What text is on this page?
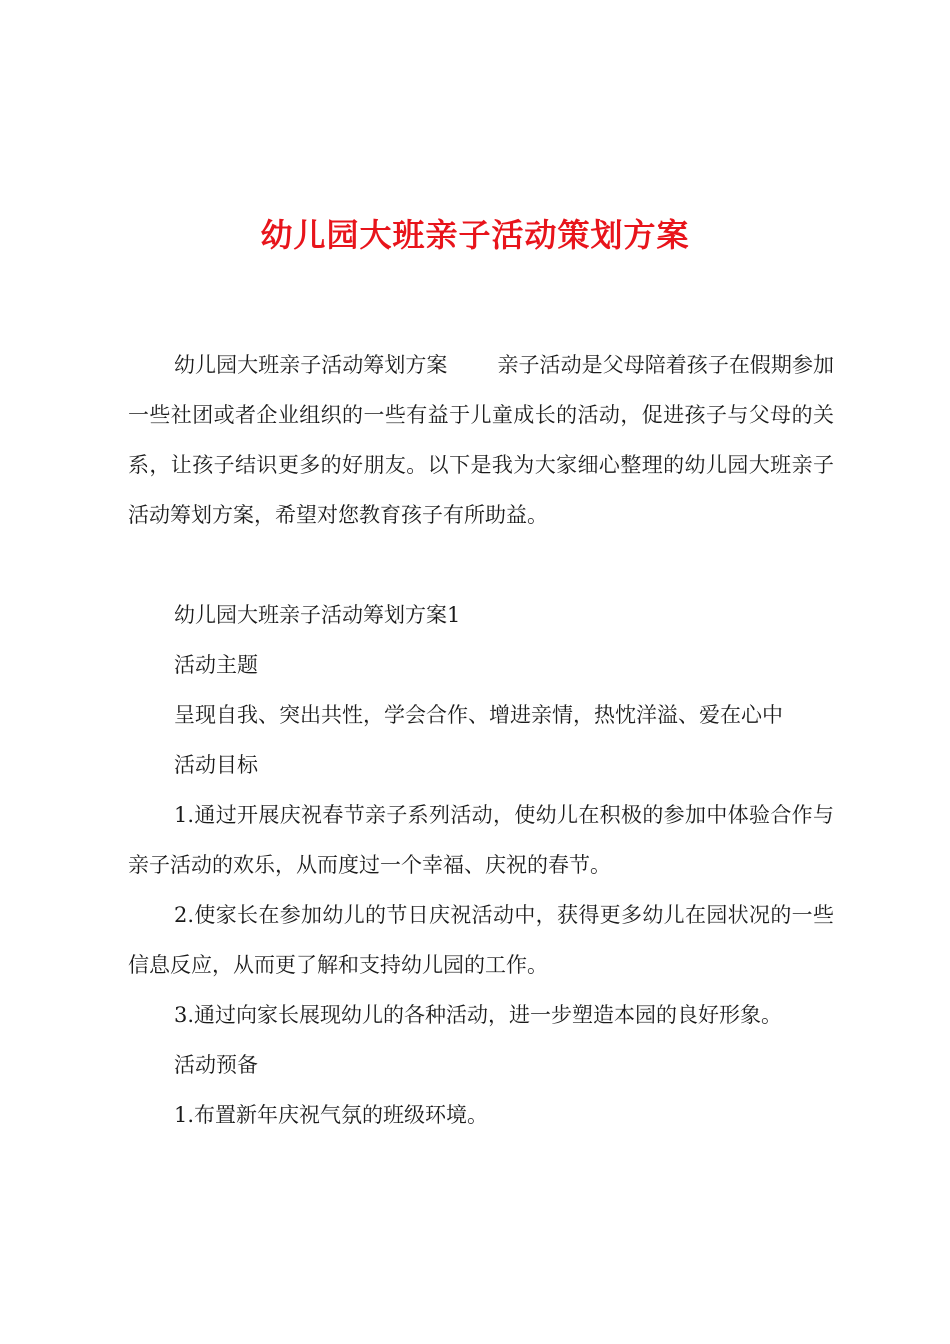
幼儿园大班亲子活动策划方案

幼儿园大班亲子活动筹划方案 亲子活动是父母陪着孩子在假期参加一些社团或者企业组织的一些有益于儿童成长的活动，促进孩子与父母的关系，让孩子结识更多的好朋友。以下是我为大家细心整理的幼儿园大班亲子活动筹划方案，希望对您教育孩子有所助益。

幼儿园大班亲子活动筹划方案1

活动主题

呈现自我、突出共性，学会合作、增进亲情，热忱洋溢、爱在心中

活动目标

1.通过开展庆祝春节亲子系列活动，使幼儿在积极的参加中体验合作与亲子活动的欢乐，从而度过一个幸福、庆祝的春节。

2.使家长在参加幼儿的节日庆祝活动中，获得更多幼儿在园状况的一些信息反应，从而更了解和支持幼儿园的工作。

3.通过向家长展现幼儿的各种活动，进一步塑造本园的良好形象。

活动预备

1.布置新年庆祝气氛的班级环境。
